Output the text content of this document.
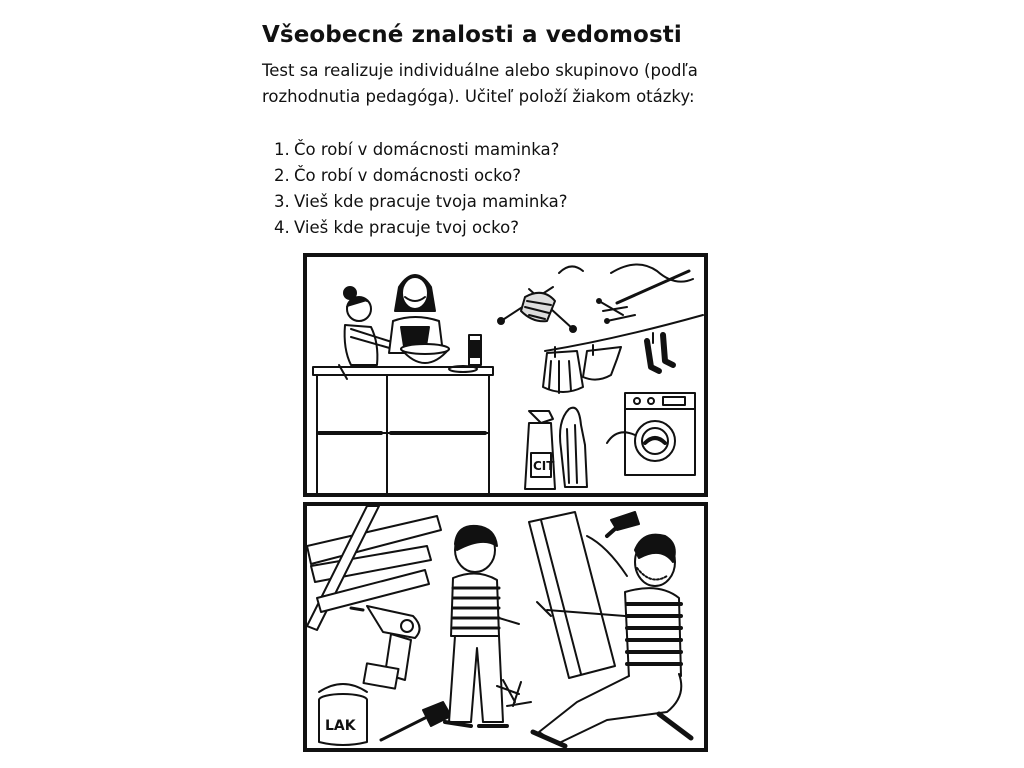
Všeobecné znalosti a vedomosti

Test sa realizuje individuálne alebo skupinovo (podľa rozhodnutia pedagóga). Učiteľ položí žiakom otázky:

1. Čo robí v domácnosti maminka?
2. Čo robí v domácnosti ocko?
3. Vieš kde pracuje tvoja maminka?
4. Vieš kde pracuje tvoj ocko?
CIT
LAK
